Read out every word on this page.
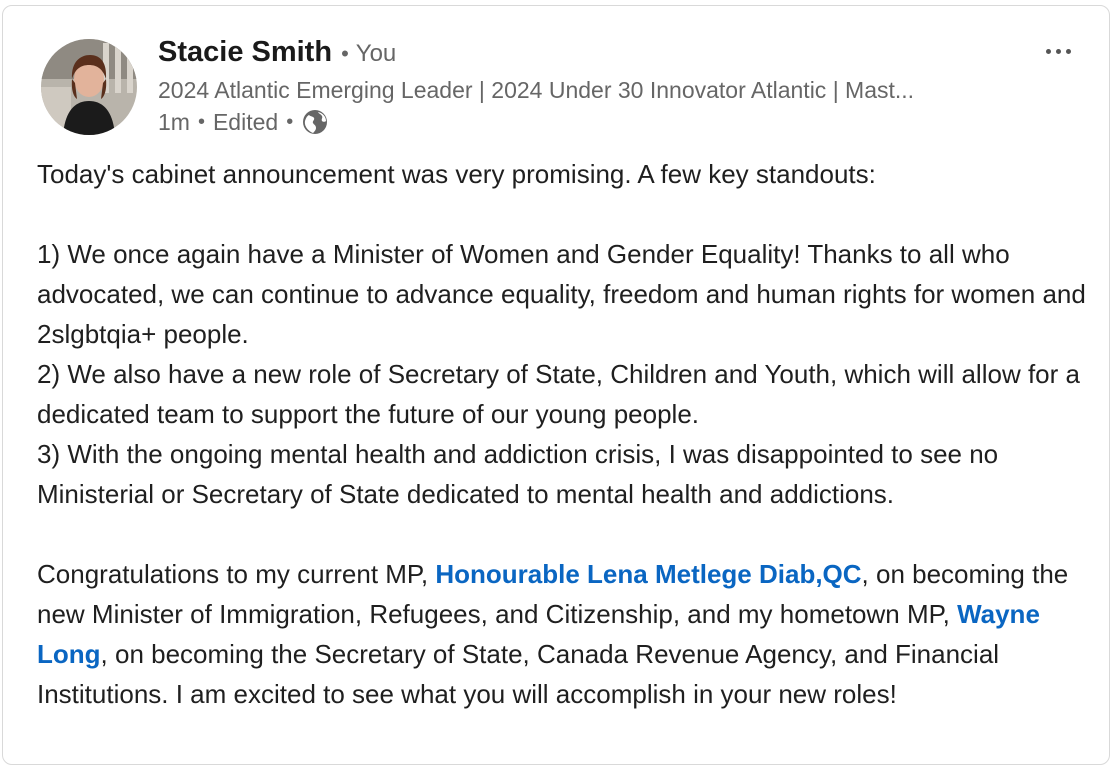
Stacie Smith • You
2024 Atlantic Emerging Leader | 2024 Under 30 Innovator Atlantic | Mast...
1m • Edited •

Today's cabinet announcement was very promising. A few key standouts:

1) We once again have a Minister of Women and Gender Equality! Thanks to all who advocated, we can continue to advance equality, freedom and human rights for women and 2slgbtqia+ people.

2) We also have a new role of Secretary of State, Children and Youth, which will allow for a dedicated team to support the future of our young people.

3) With the ongoing mental health and addiction crisis, I was disappointed to see no Ministerial or Secretary of State dedicated to mental health and addictions.

Congratulations to my current MP, Honourable Lena Metlege Diab,QC, on becoming the new Minister of Immigration, Refugees, and Citizenship, and my hometown MP, Wayne Long, on becoming the Secretary of State, Canada Revenue Agency, and Financial Institutions. I am excited to see what you will accomplish in your new roles!
